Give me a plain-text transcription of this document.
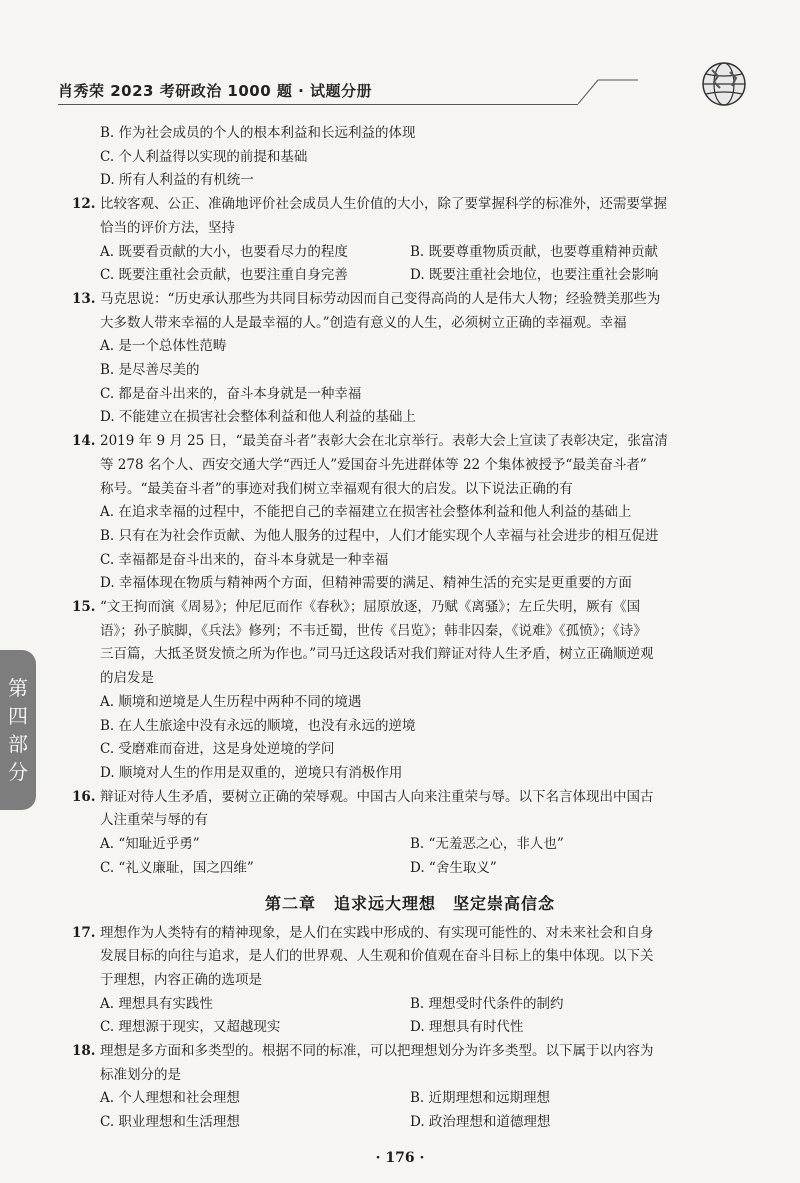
肖秀荣 2023 考研政治 1000 题 · 试题分册
第
四
部
分
B. 作为社会成员的个人的根本利益和长远利益的体现
C. 个人利益得以实现的前提和基础
D. 所有人利益的有机统一
12. 比较客观、公正、准确地评价社会成员人生价值的大小，除了要掌握科学的标准外，还需要掌握
恰当的评价方法，坚持
A. 既要看贡献的大小，也要看尽力的程度	B. 既要尊重物质贡献，也要尊重精神贡献
C. 既要注重社会贡献，也要注重自身完善	D. 既要注重社会地位，也要注重社会影响
13. 马克思说：“历史承认那些为共同目标劳动因而自己变得高尚的人是伟大人物；经验赞美那些为
大多数人带来幸福的人是最幸福的人。”创造有意义的人生，必须树立正确的幸福观。幸福
A. 是一个总体性范畴
B. 是尽善尽美的
C. 都是奋斗出来的，奋斗本身就是一种幸福
D. 不能建立在损害社会整体利益和他人利益的基础上
14. 2019 年 9 月 25 日，“最美奋斗者”表彰大会在北京举行。表彰大会上宣读了表彰决定，张富清
等 278 名个人、西安交通大学“西迁人”爱国奋斗先进群体等 22 个集体被授予“最美奋斗者”
称号。“最美奋斗者”的事迹对我们树立幸福观有很大的启发。以下说法正确的有
A. 在追求幸福的过程中，不能把自己的幸福建立在损害社会整体利益和他人利益的基础上
B. 只有在为社会作贡献、为他人服务的过程中，人们才能实现个人幸福与社会进步的相互促进
C. 幸福都是奋斗出来的，奋斗本身就是一种幸福
D. 幸福体现在物质与精神两个方面，但精神需要的满足、精神生活的充实是更重要的方面
15. “文王拘而演《周易》；仲尼厄而作《春秋》；屈原放逐，乃赋《离骚》；左丘失明，厥有《国
语》；孙子膑脚，《兵法》修列；不韦迁蜀，世传《吕览》；韩非囚秦，《说难》《孤愤》；《诗》
三百篇，大抵圣贤发愤之所为作也。”司马迁这段话对我们辩证对待人生矛盾，树立正确顺逆观
的启发是
A. 顺境和逆境是人生历程中两种不同的境遇
B. 在人生旅途中没有永远的顺境，也没有永远的逆境
C. 受磨难而奋进，这是身处逆境的学问
D. 顺境对人生的作用是双重的，逆境只有消极作用
16. 辩证对待人生矛盾，要树立正确的荣辱观。中国古人向来注重荣与辱。以下名言体现出中国古
人注重荣与辱的有
A. “知耻近乎勇”	B. “无羞恶之心，非人也”
C. “礼义廉耻，国之四维”	D. “舍生取义”
第二章 追求远大理想　坚定崇高信念
17. 理想作为人类特有的精神现象，是人们在实践中形成的、有实现可能性的、对未来社会和自身
发展目标的向往与追求，是人们的世界观、人生观和价值观在奋斗目标上的集中体现。以下关
于理想，内容正确的选项是
A. 理想具有实践性	B. 理想受时代条件的制约
C. 理想源于现实，又超越现实	D. 理想具有时代性
18. 理想是多方面和多类型的。根据不同的标准，可以把理想划分为许多类型。以下属于以内容为
标准划分的是
A. 个人理想和社会理想	B. 近期理想和远期理想
C. 职业理想和生活理想	D. 政治理想和道德理想
· 176 ·
